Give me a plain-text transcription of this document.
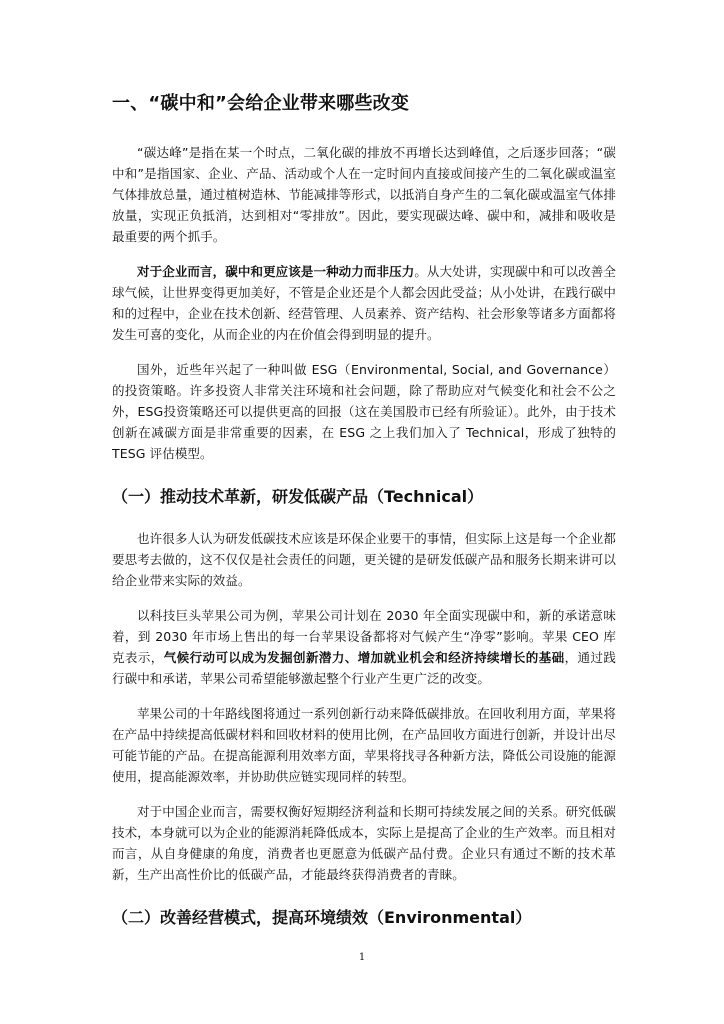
一、“碳中和”会给企业带来哪些改变

“碳达峰”是指在某一个时点，二氧化碳的排放不再增长达到峰值，之后逐步回落；“碳中和”是指国家、企业、产品、活动或个人在一定时间内直接或间接产生的二氧化碳或温室气体排放总量，通过植树造林、节能减排等形式，以抵消自身产生的二氧化碳或温室气体排放量，实现正负抵消，达到相对“零排放”。因此，要实现碳达峰、碳中和，减排和吸收是最重要的两个抓手。

对于企业而言，碳中和更应该是一种动力而非压力。从大处讲，实现碳中和可以改善全球气候，让世界变得更加美好，不管是企业还是个人都会因此受益；从小处讲，在践行碳中和的过程中，企业在技术创新、经营管理、人员素养、资产结构、社会形象等诸多方面都将发生可喜的变化，从而企业的内在价值会得到明显的提升。

国外，近些年兴起了一种叫做 ESG（Environmental, Social, and Governance）的投资策略。许多投资人非常关注环境和社会问题，除了帮助应对气候变化和社会不公之外，ESG投资策略还可以提供更高的回报（这在美国股市已经有所验证）。此外，由于技术创新在减碳方面是非常重要的因素，在 ESG 之上我们加入了 Technical，形成了独特的 TESG 评估模型。

（一）推动技术革新，研发低碳产品（Technical）

也许很多人认为研发低碳技术应该是环保企业要干的事情，但实际上这是每一个企业都要思考去做的，这不仅仅是社会责任的问题，更关键的是研发低碳产品和服务长期来讲可以给企业带来实际的效益。

以科技巨头苹果公司为例，苹果公司计划在 2030 年全面实现碳中和，新的承诺意味着，到 2030 年市场上售出的每一台苹果设备都将对气候产生“净零”影响。苹果 CEO 库克表示，气候行动可以成为发掘创新潜力、增加就业机会和经济持续增长的基础，通过践行碳中和承诺，苹果公司希望能够激起整个行业产生更广泛的改变。

苹果公司的十年路线图将通过一系列创新行动来降低碳排放。在回收利用方面，苹果将在产品中持续提高低碳材料和回收材料的使用比例，在产品回收方面进行创新，并设计出尽可能节能的产品。在提高能源利用效率方面，苹果将找寻各种新方法，降低公司设施的能源使用，提高能源效率，并协助供应链实现同样的转型。

对于中国企业而言，需要权衡好短期经济利益和长期可持续发展之间的关系。研究低碳技术，本身就可以为企业的能源消耗降低成本，实际上是提高了企业的生产效率。而且相对而言，从自身健康的角度，消费者也更愿意为低碳产品付费。企业只有通过不断的技术革新，生产出高性价比的低碳产品，才能最终获得消费者的青睐。

（二）改善经营模式，提高环境绩效（Environmental）
1
